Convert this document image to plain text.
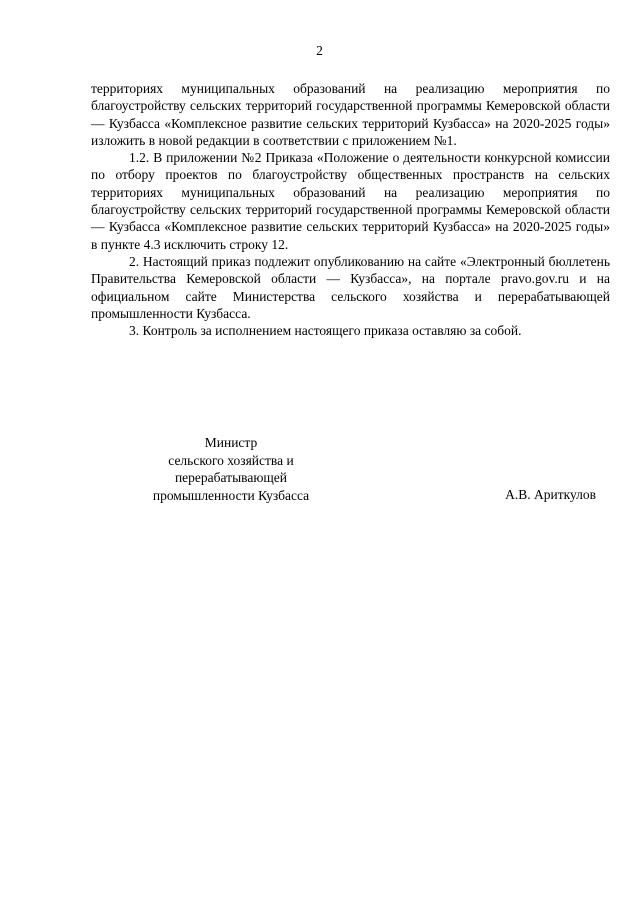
2

территориях муниципальных образований на реализацию мероприятия по благоустройству сельских территорий государственной программы Кемеровской области — Кузбасса «Комплексное развитие сельских территорий Кузбасса» на 2020-2025 годы» изложить в новой редакции в соответствии с приложением №1.

1.2. В приложении №2 Приказа «Положение о деятельности конкурсной комиссии по отбору проектов по благоустройству общественных пространств на сельских территориях муниципальных образований на реализацию мероприятия по благоустройству сельских территорий государственной программы Кемеровской области — Кузбасса «Комплексное развитие сельских территорий Кузбасса» на 2020-2025 годы» в пункте 4.3 исключить строку 12.

2. Настоящий приказ подлежит опубликованию на сайте «Электронный бюллетень Правительства Кемеровской области — Кузбасса», на портале pravo.gov.ru и на официальном сайте Министерства сельского хозяйства и перерабатывающей промышленности Кузбасса.

3. Контроль за исполнением настоящего приказа оставляю за собой.

Министр
сельского хозяйства и
перерабатывающей
промышленности Кузбасса	А.В. Ариткулов
